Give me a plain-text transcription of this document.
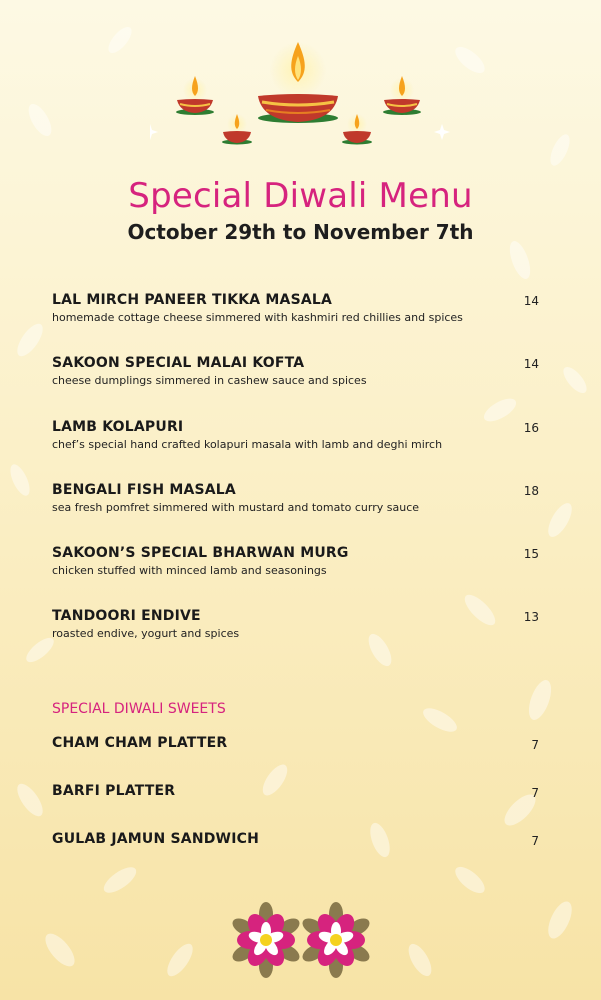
Special Diwali Menu
October 29th to November 7th
LAL MIRCH PANEER TIKKA MASALA
homemade cottage cheese simmered with kashmiri red chillies and spices
14
SAKOON SPECIAL MALAI KOFTA
cheese dumplings simmered in cashew sauce and spices
14
LAMB KOLAPURI
chef’s special hand crafted kolapuri masala with lamb and deghi mirch
16
BENGALI FISH MASALA
sea fresh pomfret simmered with mustard and tomato curry sauce
18
SAKOON’S SPECIAL BHARWAN MURG
chicken stuffed with minced lamb and seasonings
15
TANDOORI ENDIVE
roasted endive, yogurt and spices
13
SPECIAL DIWALI SWEETS
CHAM CHAM PLATTER	7
BARFI PLATTER	7
GULAB JAMUN SANDWICH	7
